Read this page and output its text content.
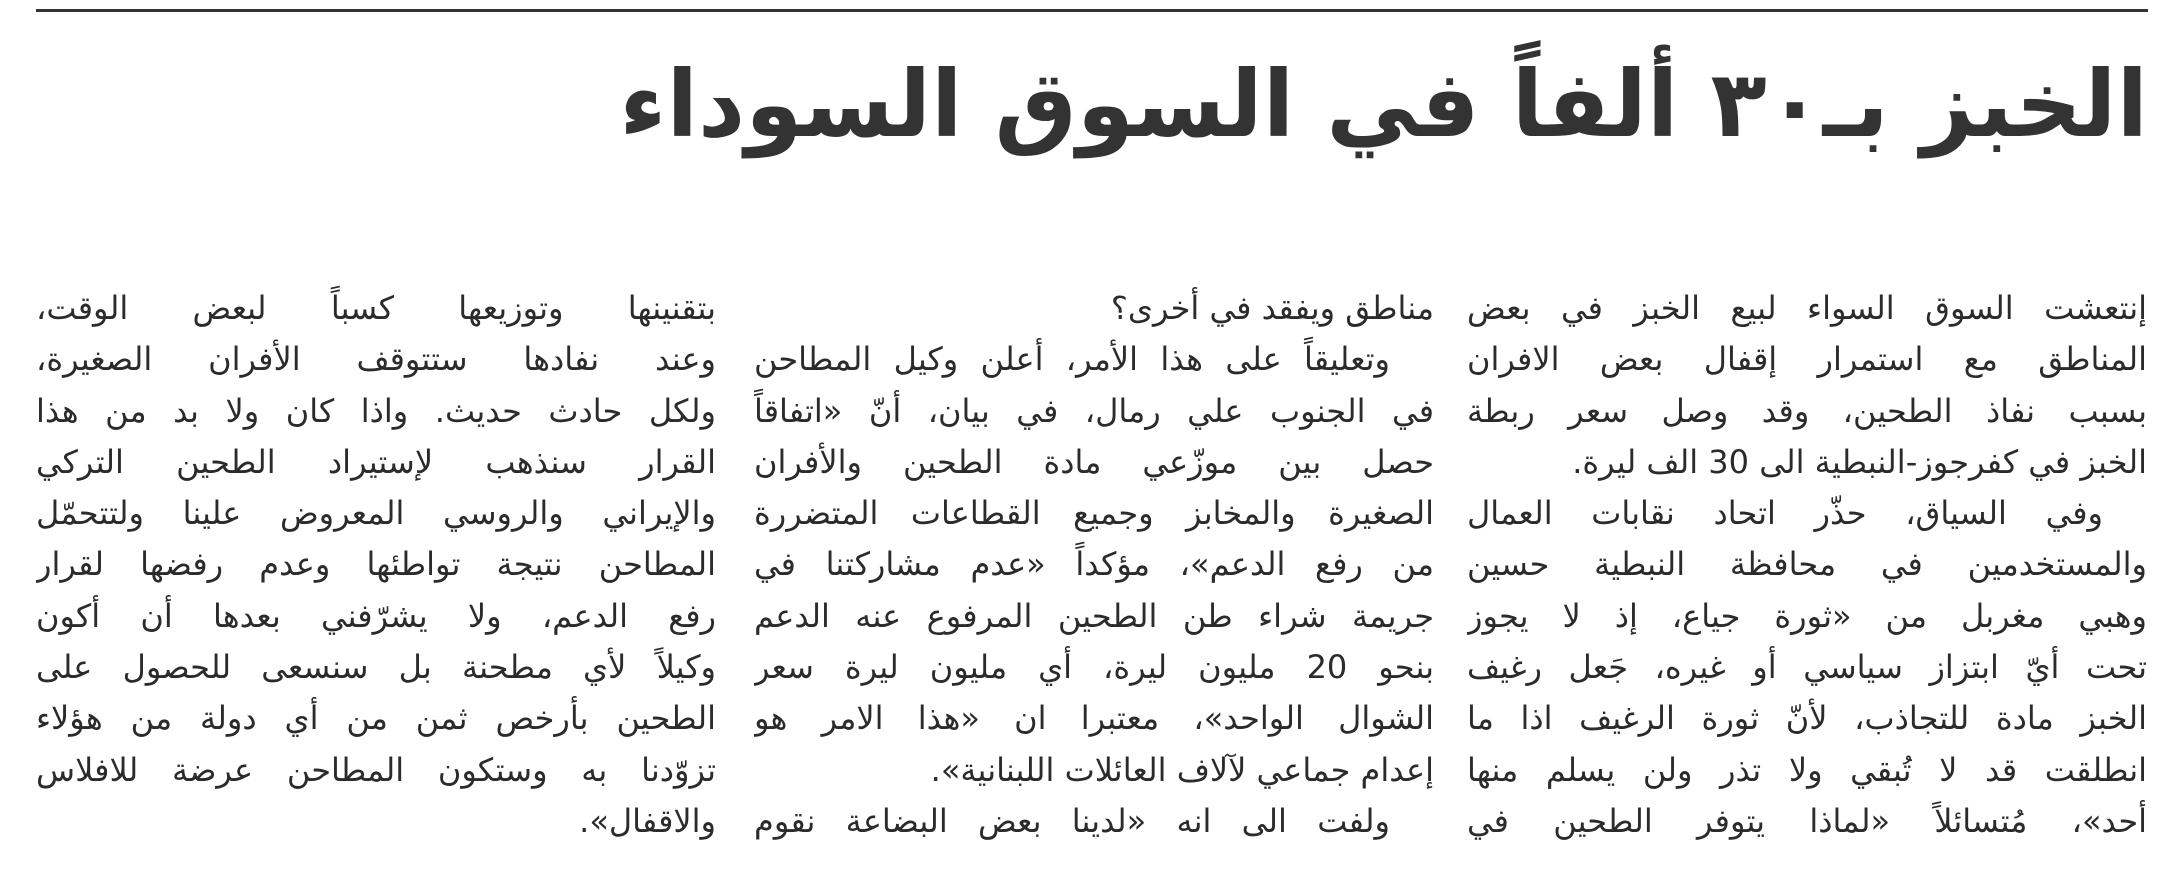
الخبز بـ٣٠ ألفاً في السوق السوداء
إنتعشت السوق السواء لبيع الخبز في بعض
المناطق مع استمرار إقفال بعض الافران
بسبب نفاذ الطحين، وقد وصل سعر ربطة
الخبز في كفرجوز-النبطية الى 30 الف ليرة.
وفي السياق، حذّر اتحاد نقابات العمال
والمستخدمين في محافظة النبطية حسين
وهبي مغربل من «ثورة جياع، إذ لا يجوز
تحت أيّ ابتزاز سياسي أو غيره، جَعل رغيف
الخبز مادة للتجاذب، لأنّ ثورة الرغيف اذا ما
انطلقت قد لا تُبقي ولا تذر ولن يسلم منها
أحد»، مُتسائلاً «لماذا يتوفر الطحين في
مناطق ويفقد في أخرى؟
وتعليقاً على هذا الأمر، أعلن وكيل المطاحن
في الجنوب علي رمال، في بيان، أنّ «اتفاقاً
حصل بين موزّعي مادة الطحين والأفران
الصغيرة والمخابز وجميع القطاعات المتضررة
من رفع الدعم»، مؤكداً «عدم مشاركتنا في
جريمة شراء طن الطحين المرفوع عنه الدعم
بنحو 20 مليون ليرة، أي مليون ليرة سعر
الشوال الواحد»، معتبرا ان «هذا الامر هو
إعدام جماعي لآلاف العائلات اللبنانية».
ولفت الى انه «لدينا بعض البضاعة نقوم
بتقنينها وتوزيعها كسباً لبعض الوقت،
وعند نفادها ستتوقف الأفران الصغيرة،
ولكل حادث حديث. واذا كان ولا بد من هذا
القرار سنذهب لإستيراد الطحين التركي
والإيراني والروسي المعروض علينا ولتتحمّل
المطاحن نتيجة تواطئها وعدم رفضها لقرار
رفع الدعم، ولا يشرّفني بعدها أن أكون
وكيلاً لأي مطحنة بل سنسعى للحصول على
الطحين بأرخص ثمن من أي دولة من هؤلاء
تزوّدنا به وستكون المطاحن عرضة للافلاس
والاقفال».
